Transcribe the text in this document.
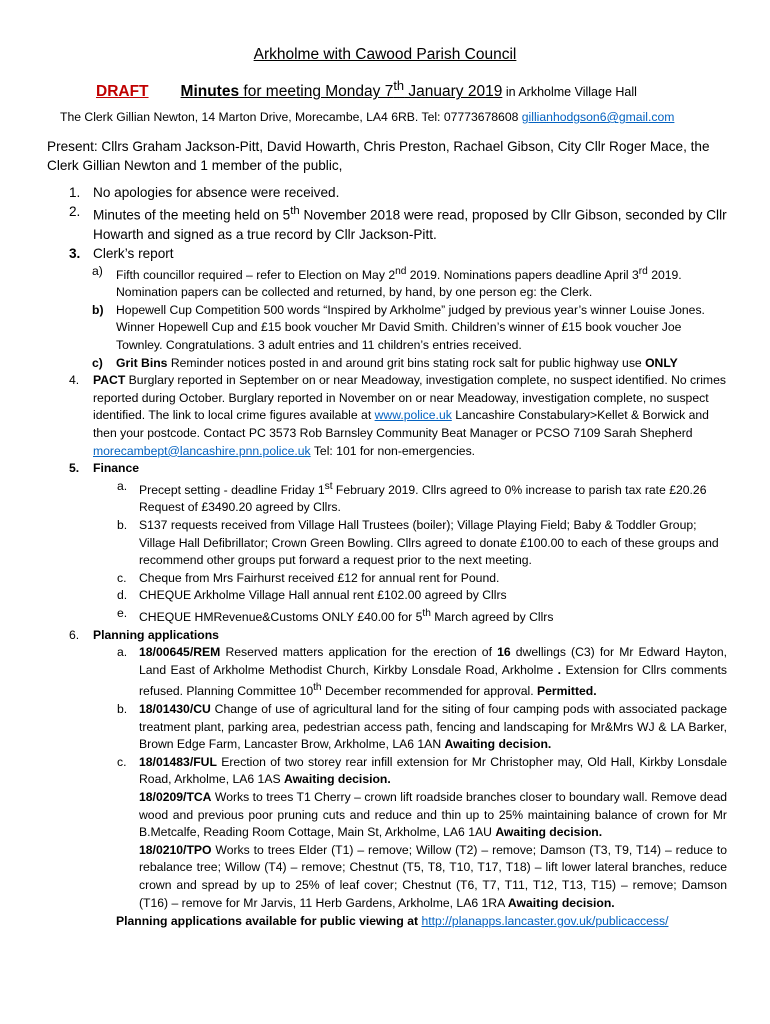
Arkholme with Cawood Parish Council
DRAFT Minutes for meeting Monday 7th January 2019 in Arkholme Village Hall
The Clerk Gillian Newton, 14 Marton Drive, Morecambe, LA4 6RB. Tel: 07773678608 gillianhodgson6@gmail.com
Present: Cllrs Graham Jackson-Pitt, David Howarth, Chris Preston, Rachael Gibson, City Cllr Roger Mace, the Clerk Gillian Newton and 1 member of the public,
1. No apologies for absence were received.
2. Minutes of the meeting held on 5th November 2018 were read, proposed by Cllr Gibson, seconded by Cllr Howarth and signed as a true record by Cllr Jackson-Pitt.
3. Clerk’s report
a) Fifth councillor required – refer to Election on May 2nd 2019. Nominations papers deadline April 3rd 2019. Nomination papers can be collected and returned, by hand, by one person eg: the Clerk.
b) Hopewell Cup Competition 500 words “Inspired by Arkholme” judged by previous year’s winner Louise Jones. Winner Hopewell Cup and £15 book voucher Mr David Smith. Children’s winner of £15 book voucher Joe Townley. Congratulations. 3 adult entries and 11 children’s entries received.
c) Grit Bins Reminder notices posted in and around grit bins stating rock salt for public highway use ONLY
4. PACT Burglary reported in September on or near Meadoway, investigation complete, no suspect identified. No crimes reported during October. Burglary reported in November on or near Meadoway, investigation complete, no suspect identified. The link to local crime figures available at www.police.uk Lancashire Constabulary>Kellet & Borwick and then your postcode. Contact PC 3573 Rob Barnsley Community Beat Manager or PCSO 7109 Sarah Shepherd morecambept@lancashire.pnn.police.uk Tel: 101 for non-emergencies.
5. Finance
a. Precept setting - deadline Friday 1st February 2019. Cllrs agreed to 0% increase to parish tax rate £20.26 Request of £3490.20 agreed by Cllrs.
b. S137 requests received from Village Hall Trustees (boiler); Village Playing Field; Baby & Toddler Group; Village Hall Defibrillator; Crown Green Bowling. Cllrs agreed to donate £100.00 to each of these groups and recommend other groups put forward a request prior to the next meeting.
c. Cheque from Mrs Fairhurst received £12 for annual rent for Pound.
d. CHEQUE Arkholme Village Hall annual rent £102.00 agreed by Cllrs
e. CHEQUE HMRevenue&Customs ONLY £40.00 for 5th March agreed by Cllrs
6. Planning applications
a. 18/00645/REM Reserved matters application for the erection of 16 dwellings (C3) for Mr Edward Hayton, Land East of Arkholme Methodist Church, Kirkby Lonsdale Road, Arkholme . Extension for Cllrs comments refused. Planning Committee 10th December recommended for approval. Permitted.
b. 18/01430/CU Change of use of agricultural land for the siting of four camping pods with associated package treatment plant, parking area, pedestrian access path, fencing and landscaping for Mr&Mrs WJ & LA Barker, Brown Edge Farm, Lancaster Brow, Arkholme, LA6 1AN Awaiting decision.
c. 18/01483/FUL Erection of two storey rear infill extension for Mr Christopher may, Old Hall, Kirkby Lonsdale Road, Arkholme, LA6 1AS Awaiting decision.
18/0209/TCA Works to trees T1 Cherry – crown lift roadside branches closer to boundary wall. Remove dead wood and previous poor pruning cuts and reduce and thin up to 25% maintaining balance of crown for Mr B.Metcalfe, Reading Room Cottage, Main St, Arkholme, LA6 1AU Awaiting decision.
18/0210/TPO Works to trees Elder (T1) – remove; Willow (T2) – remove; Damson (T3, T9, T14) – reduce to rebalance tree; Willow (T4) – remove; Chestnut (T5, T8, T10, T17, T18) – lift lower lateral branches, reduce crown and spread by up to 25% of leaf cover; Chestnut (T6, T7, T11, T12, T13, T15) – remove; Damson (T16) – remove for Mr Jarvis, 11 Herb Gardens, Arkholme, LA6 1RA Awaiting decision.
Planning applications available for public viewing at http://planapps.lancaster.gov.uk/publicaccess/
